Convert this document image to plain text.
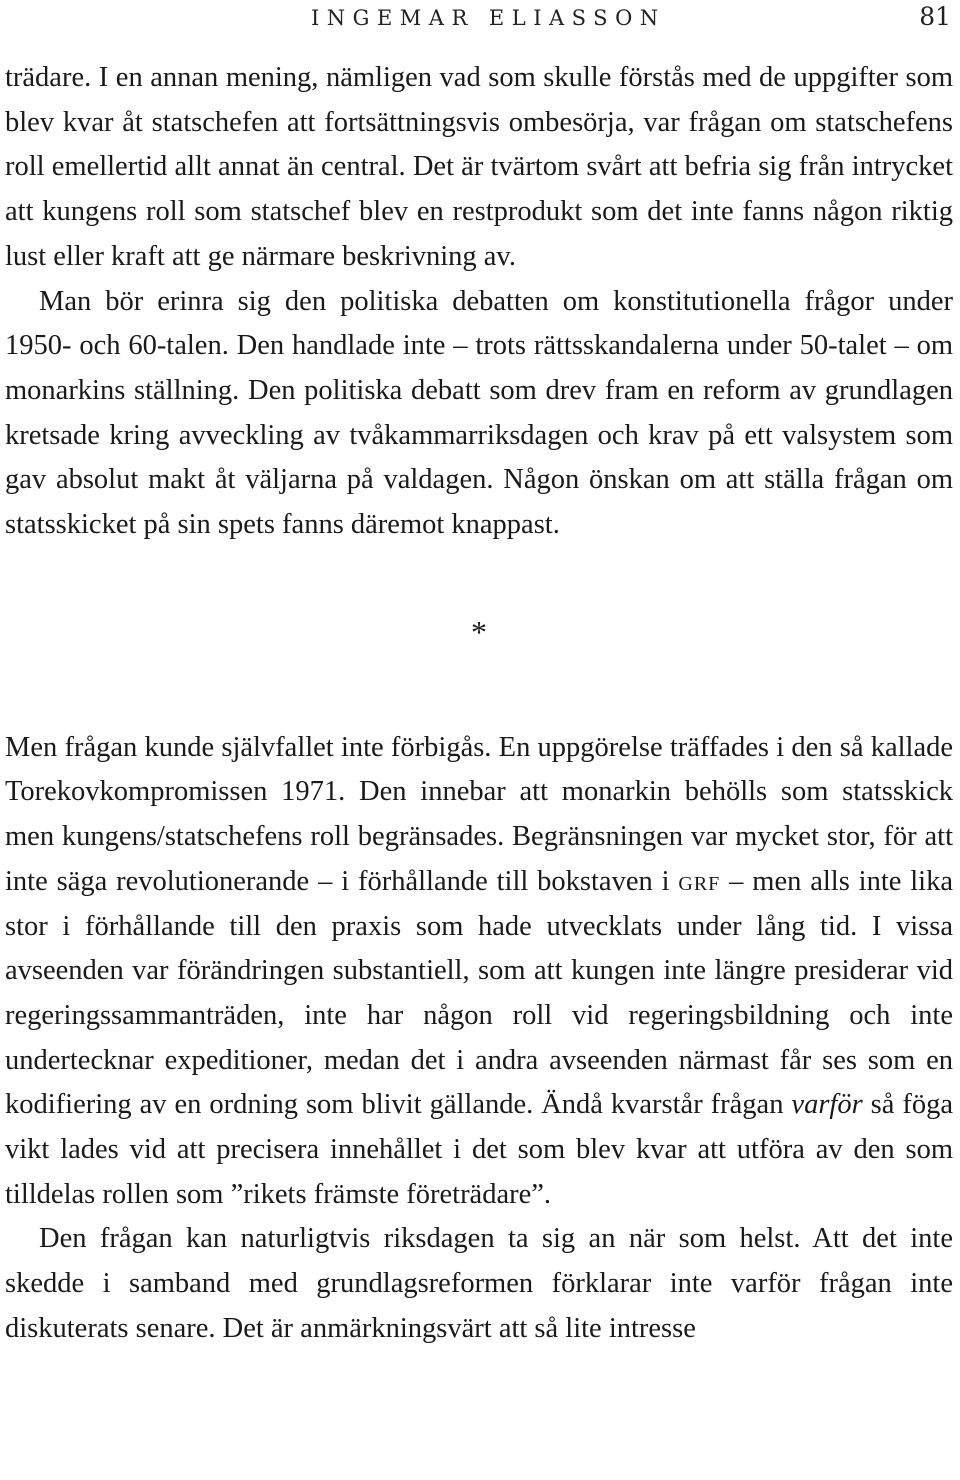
INGEMAR ELIASSON	81

trädare. I en annan mening, nämligen vad som skulle förstås med de uppgifter som blev kvar åt statschefen att fortsättningsvis ombesörja, var frågan om statschefens roll emellertid allt annat än central. Det är tvärtom svårt att befria sig från intrycket att kungens roll som statschef blev en restprodukt som det inte fanns någon riktig lust eller kraft att ge närmare beskrivning av.

Man bör erinra sig den politiska debatten om konstitutionella frågor under 1950- och 60-talen. Den handlade inte – trots rättsskandalerna under 50-talet – om monarkins ställning. Den politiska debatt som drev fram en reform av grundlagen kretsade kring avveckling av tvåkammarriksdagen och krav på ett valsystem som gav absolut makt åt väljarna på valdagen. Någon önskan om att ställa frågan om statsskicket på sin spets fanns däremot knappast.

*

Men frågan kunde självfallet inte förbigås. En uppgörelse träffades i den så kallade Torekovkompromissen 1971. Den innebar att monarkin behölls som statsskick men kungens/statschefens roll begränsades. Begränsningen var mycket stor, för att inte säga revolutionerande – i förhållande till bokstaven i grf – men alls inte lika stor i förhållande till den praxis som hade utvecklats under lång tid. I vissa avseenden var förändringen substantiell, som att kungen inte längre presiderar vid regeringssammanträden, inte har någon roll vid regeringsbildning och inte undertecknar expeditioner, medan det i andra avseenden närmast får ses som en kodifiering av en ordning som blivit gällande. Ändå kvarstår frågan varför så föga vikt lades vid att precisera innehållet i det som blev kvar att utföra av den som tilldelas rollen som ”rikets främste företrädare”.

Den frågan kan naturligtvis riksdagen ta sig an när som helst. Att det inte skedde i samband med grundlagsreformen förklarar inte varför frågan inte diskuterats senare. Det är anmärkningsvärt att så lite intresse
